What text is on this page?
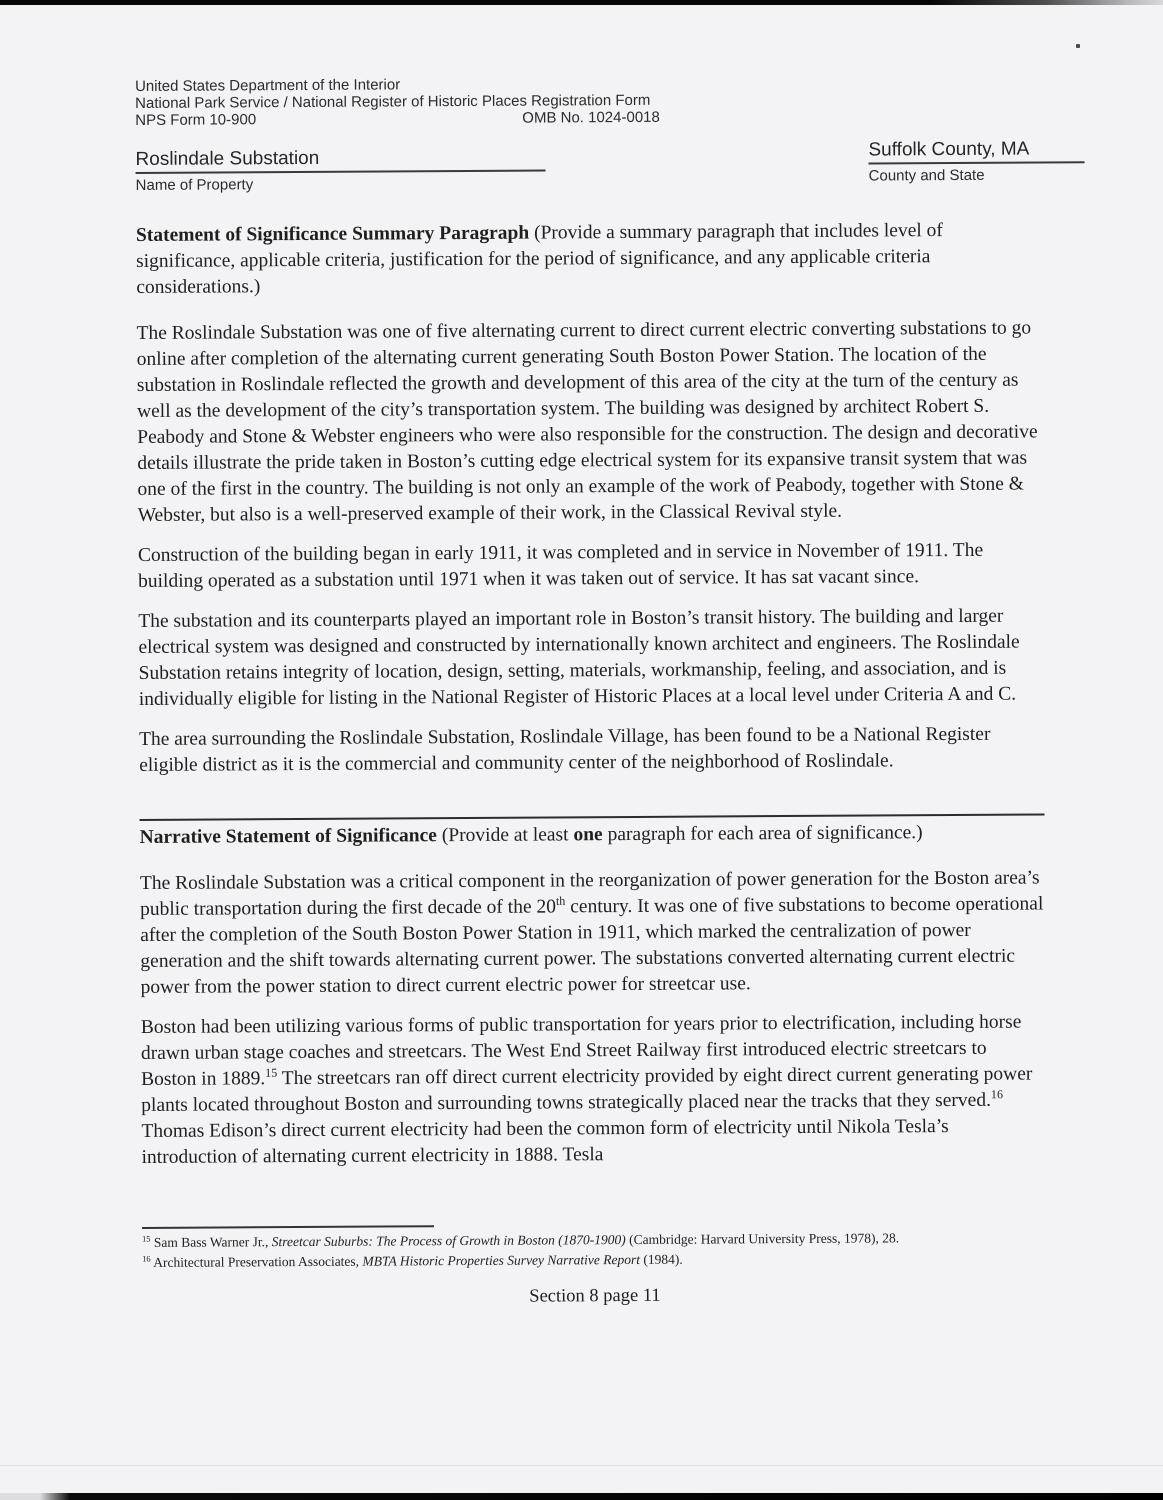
United States Department of the Interior
National Park Service / National Register of Historic Places Registration Form
NPS Form 10-900	OMB No. 1024-0018
Roslindale Substation
Name of Property
Suffolk County, MA
County and State
Statement of Significance Summary Paragraph (Provide a summary paragraph that includes level of significance, applicable criteria, justification for the period of significance, and any applicable criteria considerations.)
The Roslindale Substation was one of five alternating current to direct current electric converting substations to go online after completion of the alternating current generating South Boston Power Station. The location of the substation in Roslindale reflected the growth and development of this area of the city at the turn of the century as well as the development of the city’s transportation system. The building was designed by architect Robert S. Peabody and Stone & Webster engineers who were also responsible for the construction. The design and decorative details illustrate the pride taken in Boston’s cutting edge electrical system for its expansive transit system that was one of the first in the country. The building is not only an example of the work of Peabody, together with Stone & Webster, but also is a well-preserved example of their work, in the Classical Revival style.
Construction of the building began in early 1911, it was completed and in service in November of 1911. The building operated as a substation until 1971 when it was taken out of service. It has sat vacant since.
The substation and its counterparts played an important role in Boston’s transit history. The building and larger electrical system was designed and constructed by internationally known architect and engineers. The Roslindale Substation retains integrity of location, design, setting, materials, workmanship, feeling, and association, and is individually eligible for listing in the National Register of Historic Places at a local level under Criteria A and C.
The area surrounding the Roslindale Substation, Roslindale Village, has been found to be a National Register eligible district as it is the commercial and community center of the neighborhood of Roslindale.
Narrative Statement of Significance (Provide at least one paragraph for each area of significance.)
The Roslindale Substation was a critical component in the reorganization of power generation for the Boston area’s public transportation during the first decade of the 20th century. It was one of five substations to become operational after the completion of the South Boston Power Station in 1911, which marked the centralization of power generation and the shift towards alternating current power. The substations converted alternating current electric power from the power station to direct current electric power for streetcar use.
Boston had been utilizing various forms of public transportation for years prior to electrification, including horse drawn urban stage coaches and streetcars. The West End Street Railway first introduced electric streetcars to Boston in 1889.15 The streetcars ran off direct current electricity provided by eight direct current generating power plants located throughout Boston and surrounding towns strategically placed near the tracks that they served.$^{16}$ Thomas Edison’s direct current electricity had been the common form of electricity until Nikola Tesla’s introduction of alternating current electricity in 1888. Tesla
$^{15}$ Sam Bass Warner Jr., Streetcar Suburbs: The Process of Growth in Boston (1870-1900) (Cambridge: Harvard University Press, 1978), 28.
$^{16}$ Architectural Preservation Associates, MBTA Historic Properties Survey Narrative Report (1984).
Section 8 page 11
